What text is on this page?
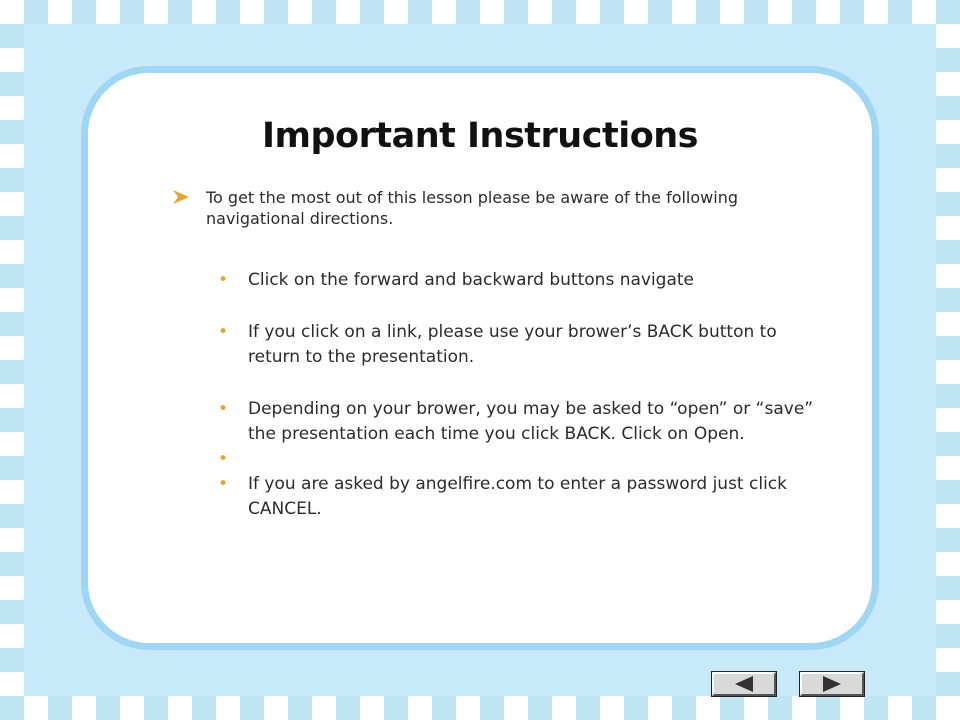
Important Instructions
To get the most out of this lesson please be aware of the following navigational directions.
• Click on the forward and backward buttons navigate
• If you click on a link, please use your brower’s BACK button to return to the presentation.
• Depending on your brower, you may be asked to “open” or “save” the presentation each time you click BACK. Click on Open.
•

• If you are asked by angelfire.com to enter a password just click CANCEL.
